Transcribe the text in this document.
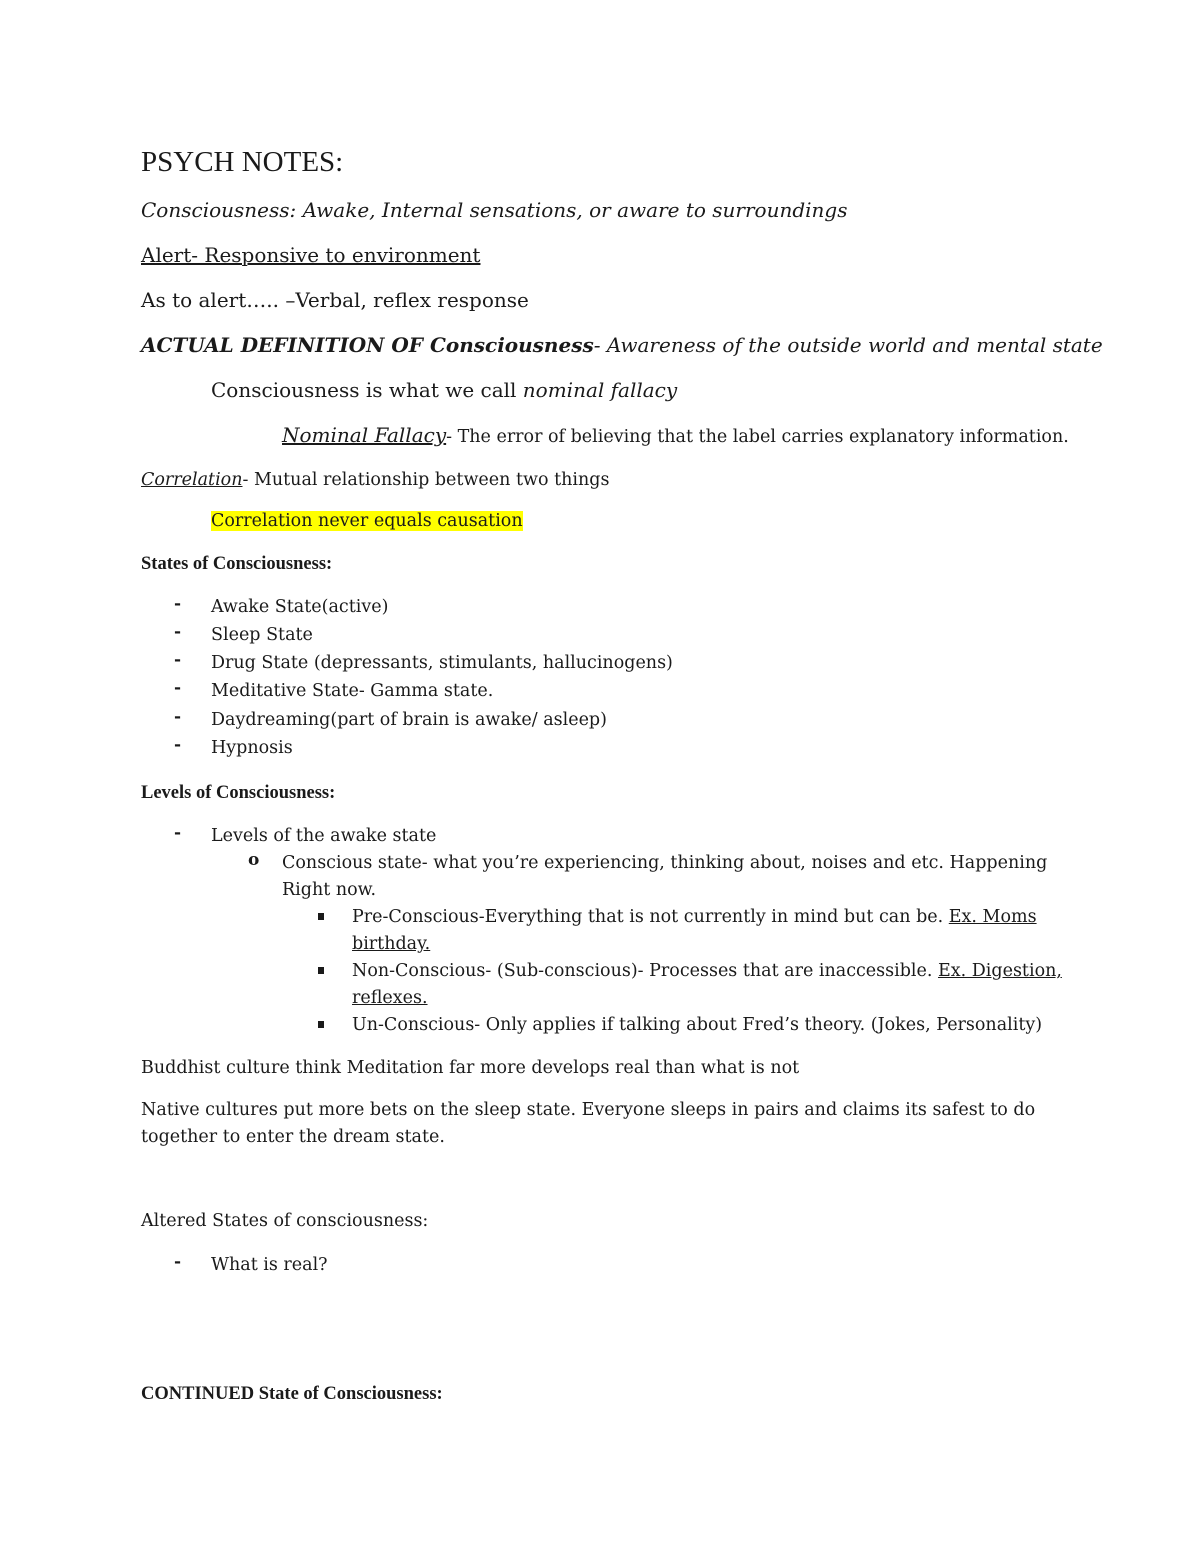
PSYCH NOTES:
Consciousness: Awake, Internal sensations, or aware to surroundings
Alert- Responsive to environment
As to alert….. –Verbal, reflex response
ACTUAL DEFINITION OF Consciousness- Awareness of the outside world and mental state
Consciousness is what we call nominal fallacy
Nominal Fallacy- The error of believing that the label carries explanatory information.
Correlation- Mutual relationship between two things
Correlation never equals causation
States of Consciousness:
- Awake State(active)
- Sleep State
- Drug State (depressants, stimulants, hallucinogens)
- Meditative State- Gamma state.
- Daydreaming(part of brain is awake/ asleep)
- Hypnosis
Levels of Consciousness:
- Levels of the awake state
o Conscious state- what you’re experiencing, thinking about, noises and etc. Happening
Right now.
Pre-Conscious-Everything that is not currently in mind but can be. Ex. Moms
birthday.
Non-Conscious- (Sub-conscious)- Processes that are inaccessible. Ex. Digestion,
reflexes.
Un-Conscious- Only applies if talking about Fred’s theory. (Jokes, Personality)
Buddhist culture think Meditation far more develops real than what is not
Native cultures put more bets on the sleep state. Everyone sleeps in pairs and claims its safest to do
together to enter the dream state.
Altered States of consciousness:
- What is real?
CONTINUED State of Consciousness:
